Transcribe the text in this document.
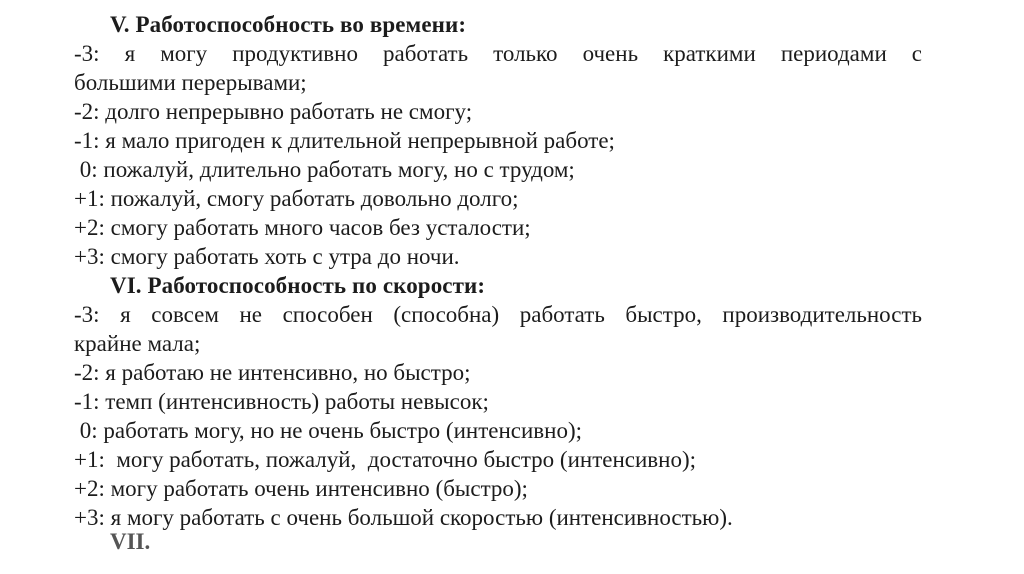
V. Работоспособность во времени:
-3: я могу продуктивно работать только очень краткими периодами с
большими перерывами;
-2: долго непрерывно работать не смогу;
-1: я мало пригоден к длительной непрерывной работе;
0: пожалуй, длительно работать могу, но с трудом;
+1: пожалуй, смогу работать довольно долго;
+2: смогу работать много часов без усталости;
+3: смогу работать хоть с утра до ночи.
VI. Работоспособность по скорости:
-3: я совсем не способен (способна) работать быстро, производительность
крайне мала;
-2: я работаю не интенсивно, но быстро;
-1: темп (интенсивность) работы невысок;
0: работать могу, но не очень быстро (интенсивно);
+1:  могу работать, пожалуй,  достаточно быстро (интенсивно);
+2: могу работать очень интенсивно (быстро);
+3: я могу работать с очень большой скоростью (интенсивностью).
VII.
